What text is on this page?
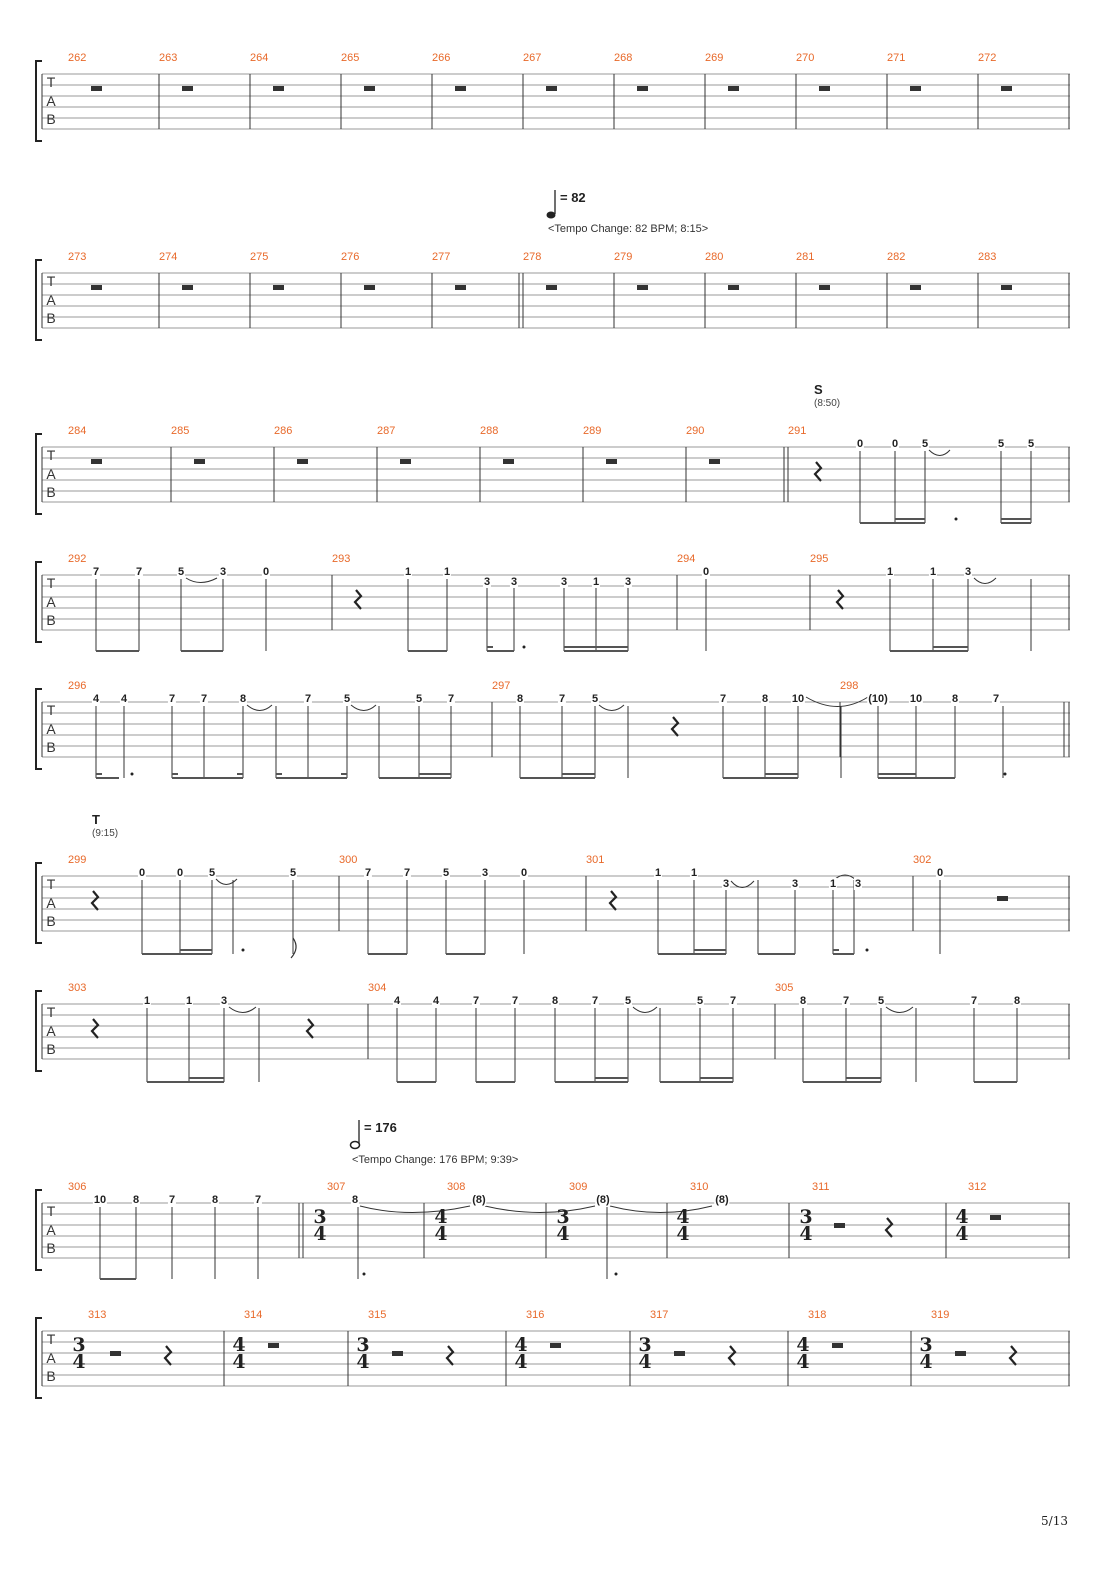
T
A
B
262	263	264	265	266	267	268	269	270	271	272
= 82
<Tempo Change: 82 BPM; 8:15>
T
A
B
273	274	275	276	277	278	279	280	281	282	283
S
(8:50)
T
A
B
284	285	286	287	288	289	290	291
0	0 5	5 5
T
A
B
292	293	294	295
7	7	5	3	0	1	1
3 3	3 1 3
0	1	1	3
T
A
B
296	297	298
4 4	7 7	8	7	5	5 7	8	7 5	7	8 10	(10) 10	8	7
T
(9:15)
T
A
B
299	300	301	302
0	0 5	5	7	7	5	3	0	1	1
3	3	1 3
0
T
A
B
303	304	305
1	1	3	4	4	7	7	8	7 5	5 7	8	7	5	7	8
= 176
<Tempo Change: 176 BPM; 9:39>
T
A
B
306	307	308	309	310	311	312
10 8	7	8	7	8	(8)	(8)	(8)
3
4
4
4
3
4
4
4
3
4
4
4
T
A
B
313	314	315	316	317	318	319
3
4
4
4
3
4
4
4
3
4
4
4
3
4
5/13
